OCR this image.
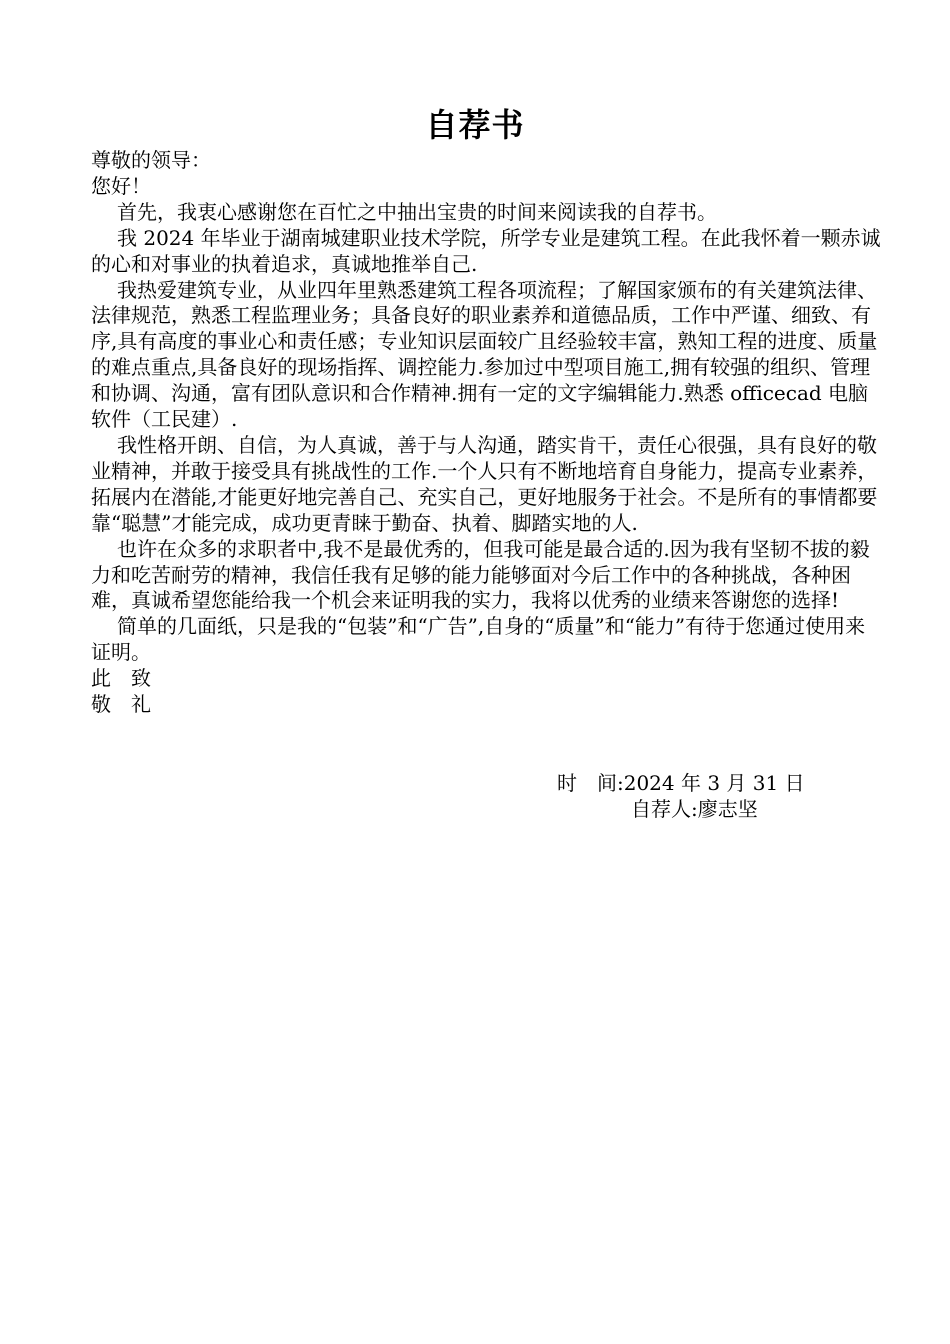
自荐书

尊敬的领导：

您好！

首先，我衷心感谢您在百忙之中抽出宝贵的时间来阅读我的自荐书。

我 2024 年毕业于湖南城建职业技术学院，所学专业是建筑工程。在此我怀着一颗赤诚的心和对事业的执着追求，真诚地推举自己.

我热爱建筑专业，从业四年里熟悉建筑工程各项流程；了解国家颁布的有关建筑法律、法律规范，熟悉工程监理业务；具备良好的职业素养和道德品质，工作中严谨、细致、有序,具有高度的事业心和责任感；专业知识层面较广且经验较丰富，熟知工程的进度、质量的难点重点,具备良好的现场指挥、调控能力.参加过中型项目施工,拥有较强的组织、管理和协调、沟通，富有团队意识和合作精神.拥有一定的文字编辑能力.熟悉 officecad 电脑软件（工民建）.

我性格开朗、自信，为人真诚，善于与人沟通，踏实肯干，责任心很强，具有良好的敬业精神，并敢于接受具有挑战性的工作.一个人只有不断地培育自身能力，提高专业素养，拓展内在潜能,才能更好地完善自己、充实自己，更好地服务于社会。不是所有的事情都要靠“聪慧”才能完成，成功更青睐于勤奋、执着、脚踏实地的人.

也许在众多的求职者中,我不是最优秀的，但我可能是最合适的.因为我有坚韧不拔的毅力和吃苦耐劳的精神，我信任我有足够的能力能够面对今后工作中的各种挑战，各种困难，真诚希望您能给我一个机会来证明我的实力，我将以优秀的业绩来答谢您的选择!

简单的几面纸，只是我的“包装”和“广告”,自身的“质量”和“能力”有待于您通过使用来证明。

此　致

敬　礼

时　间:2024 年 3 月 31 日
自荐人:廖志坚
